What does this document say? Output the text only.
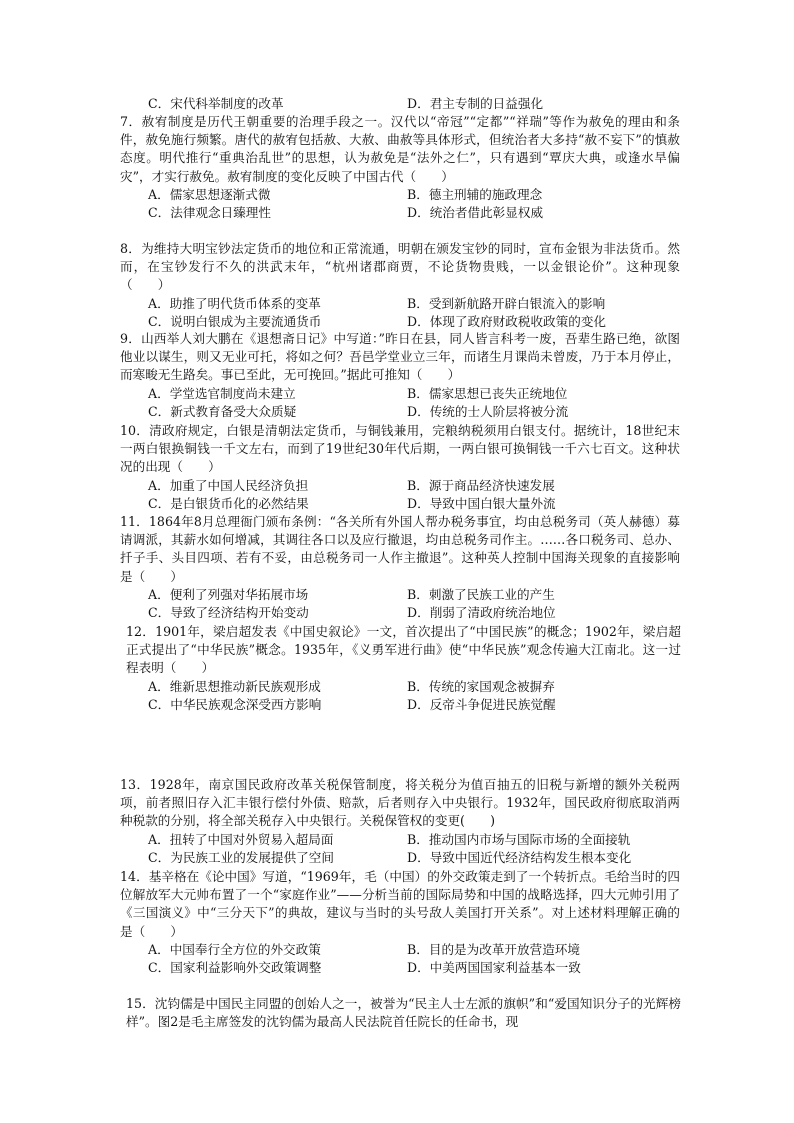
C．宋代科举制度的改革	D．君主专制的日益强化

7．赦宥制度是历代王朝重要的治理手段之一。汉代以“帝冠”“定都”“祥瑞”等作为赦免的理由和条件，赦免施行频繁。唐代的赦宥包括赦、大赦、曲赦等具体形式，但统治者大多持“赦不妄下”的慎赦态度。明代推行“重典治乱世”的思想，认为赦免是“法外之仁”，只有遇到“覃庆大典，或逢水旱偏灾”，才实行赦免。赦宥制度的变化反映了中国古代（　　）

A．儒家思想逐渐式微	B．德主刑辅的施政理念
C．法律观念日臻理性	D．统治者借此彰显权威

8．为维持大明宝钞法定货币的地位和正常流通，明朝在颁发宝钞的同时，宣布金银为非法货币。然而，在宝钞发行不久的洪武末年，“杭州诸郡商贾，不论货物贵贱，一以金银论价”。这种现象（　　）

A．助推了明代货币体系的变革	B．受到新航路开辟白银流入的影响
C．说明白银成为主要流通货币	D．体现了政府财政税收政策的变化

9．山西举人刘大鹏在《退想斋日记》中写道：”昨日在县，同人皆言科考一废，吾辈生路已绝，欲图他业以谋生，则又无业可托，将如之何？吾邑学堂业立三年，而诸生月课尚未曾废，乃于本月停止，而寒畯无生路矣。事已至此，无可挽回。”据此可推知（　　）

A．学堂选官制度尚未建立	B．儒家思想已丧失正统地位
C．新式教育备受大众质疑	D．传统的士人阶层将被分流

10．清政府规定，白银是清朝法定货币，与铜钱兼用，完粮纳税须用白银支付。据统计，18世纪末一两白银换铜钱一千文左右，而到了19世纪30年代后期，一两白银可换铜钱一千六七百文。这种状况的出现（　　）

A．加重了中国人民经济负担	B．源于商品经济快速发展
C．是白银货币化的必然结果	D．导致中国白银大量外流

11．1864年8月总理衙门颁布条例：“各关所有外国人帮办税务事宜，均由总税务司（英人赫德）募请调派，其薪水如何增减，其调往各口以及应行撤退，均由总税务司作主。……各口税务司、总办、扦子手、头目四项、若有不妥，由总税务司一人作主撤退”。这种英人控制中国海关现象的直接影响是（　　）

A．便利了列强对华拓展市场	B．刺激了民族工业的产生
C．导致了经济结构开始变动	D．削弱了清政府统治地位

12．1901年，梁启超发表《中国史叙论》一文，首次提出了“中国民族”的概念；1902年，梁启超正式提出了“中华民族”概念。1935年，《义勇军进行曲》使“中华民族”观念传遍大江南北。这一过程表明（　　）

A．维新思想推动新民族观形成	B．传统的家国观念被摒弃
C．中华民族观念深受西方影响	D．反帝斗争促进民族觉醒

13．1928年，南京国民政府改革关税保管制度，将关税分为值百抽五的旧税与新增的额外关税两项，前者照旧存入汇丰银行偿付外债、赔款，后者则存入中央银行。1932年，国民政府彻底取消两种税款的分别，将全部关税存入中央银行。关税保管权的变更(　　)

A．扭转了中国对外贸易入超局面	B．推动国内市场与国际市场的全面接轨
C．为民族工业的发展提供了空间	D．导致中国近代经济结构发生根本变化

14．基辛格在《论中国》写道，“1969年，毛（中国）的外交政策走到了一个转折点。毛给当时的四位解放军大元帅布置了一个“家庭作业”——分析当前的国际局势和中国的战略选择，四大元帅引用了《三国演义》中“三分天下”的典故，建议与当时的头号敌人美国打开关系”。对上述材料理解正确的是（　　）

A．中国奉行全方位的外交政策	B．目的是为改革开放营造环境
C．国家利益影响外交政策调整	D．中美两国国家利益基本一致

15．沈钧儒是中国民主同盟的创始人之一，被誉为“民主人士左派的旗帜”和“爱国知识分子的光辉榜样”。图2是毛主席签发的沈钧儒为最高人民法院首任院长的任命书，现
